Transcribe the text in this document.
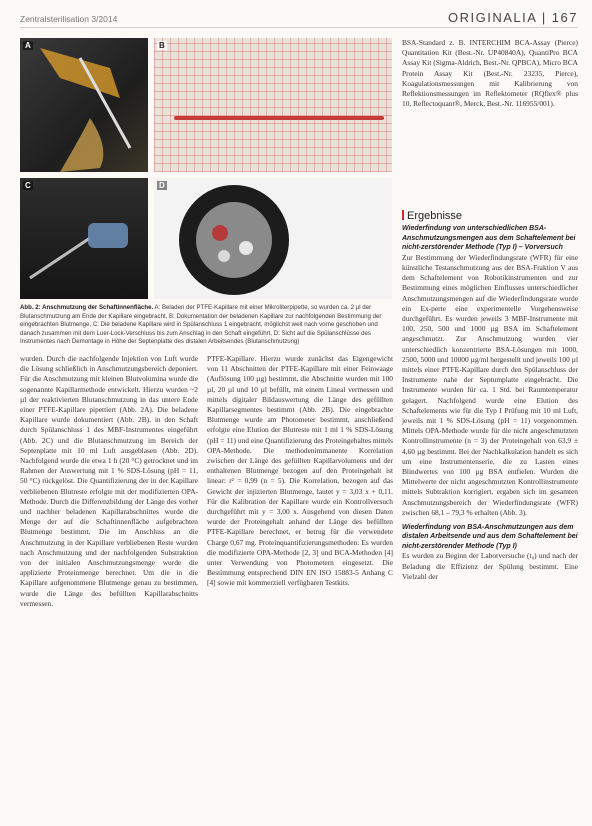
Zentralsterilisation 3/2014	ORIGINALIA | 167
A	B
C	D
Abb. 2: Anschmutzung der Schaftinnenfläche. A: Beladen der PTFE-Kapillare mit einer Mikroliterpipette, so wurden ca. 2 µl der Blutanschmutzung am Ende der Kapillare eingebracht, B: Dokumentation der beladenen Kapillare zur nachfolgenden Bestimmung der eingebrachten Blutmenge, C: Die beladene Kapillare wird in Spülanschluss 1 eingebracht, möglichst weit nach vorne geschoben und danach zusammen mit dem Luer-Lock-Verschluss bis zum Anschlag in den Schaft eingeführt, D: Sicht auf die Spülanschlüsse des Instrumentes nach Demontage in Höhe der Septenplatte des distalen Arbeitsendes (Blutanschmutzung)

wurden. Durch die nachfolgende Injektion von Luft wurde die Lösung schließlich in Anschmutzungsbereich deponiert. Für die Anschmutzung mit kleinen Blutvolumina wurde die sogenannte Kapillarmethode entwickelt. Hierzu wurden ~2 µl der reaktivierten Blutanschmutzung in das untere Ende einer PTFE-Kapillare pipettiert (Abb. 2A). Die beladene Kapillare wurde dokumentiert (Abb. 2B), in den Schaft durch Spülanschluss 1 des MBF-Instrumentes eingeführt (Abb. 2C) und die Blutanschmutzung im Bereich der Septenplatte mit 10 ml Luft ausgeblasen (Abb. 2D). Nachfolgend wurde die etwa 1 h (20 °C) getrocknet und im Rahmen der Auswertung mit 1 % SDS-Lösung (pH = 11, 50 °C) rückgelöst. Die Quantifizierung der in der Kapillare verbliebenen Blutreste erfolgte mit der modifizierten OPA-Methode. Durch die Differenzbildung der Länge des vorher und nachher beladenen Kapillarabschnittes wurde die Menge der auf die Schaftinnenfläche aufgebrachten Blutmenge bestimmt. Die im Anschluss an die Anschmutzung in der Kapillare verbliebenen Reste wurden nach Anschmutzung und der nachfolgenden Substraktion von der initialen Anschmutzungsmenge wurde die applizierte Proteinmenge berechnet. Um die in die Kapillare aufgenommene Blutmenge genau zu bestimmen, wurde die Länge des befüllten Kapillarabschnitts vermessen.

PTFE-Kapillare. Hierzu wurde zunächst das Eigengewicht von 11 Abschnitten der PTFE-Kapillare mit einer Feinwaage (Auflösung 100 µg) bestimmt, die Abschnitte wurden mit 100 µl, 20 µl und 10 µl befüllt, mit einem Lineal vermessen und mittels digitaler Bildauswertung die Länge des gefüllten Kapillarsegmentes bestimmt (Abb. 2B). Die eingebrachte Blutmenge wurde am Photometer bestimmt, anschließend erfolgte eine Elution der Blutreste mit 1 ml 1 % SDS-Lösung (pH = 11) und eine Quantifizierung des Proteingehaltes mittels OPA-Methode. Die methodenimmanente Korrelation zwischen der Länge des gefüllten Kapillarvolumens und der enthaltenen Blutmenge bezogen auf den Proteingehalt ist linear: r² = 0,99 (n = 5). Die Korrelation, bezogen auf das Gewicht der injizierten Blutmenge, lautet y = 3,03 x + 0,11. Für die Kalibration der Kapillare wurde ein Kontrollversuch durchgeführt mit y = 3,00 x. Ausgehend von diesen Daten wurde der Proteingehalt anhand der Länge des befüllten PTFE-Kapillare berechnet, er betrug für die verwendete Charge 0,67 mg. Proteinquantifizierungsmethoden: Es wurden die modifizierte OPA-Methode [2, 3] und BCA-Methoden [4] unter Verwendung von Photometern eingesetzt. Die Bestimmung entsprechend DIN EN ISO 15883-5 Anhang C [4] sowie mit kommerziell verfügbaren Testkits.

BSA-Standard z. B. INTERCHIM BCA-Assay (Pierce) Quantitation Kit (Best.-Nr. UP40840A), QuantiPro BCA Assay Kit (Sigma-Aldrich, Best.-Nr. QPBCA), Micro BCA Protein Assay Kit (Best.-Nr. 23235, Pierce), Koagulationsmessungen mit Kalibrierung von Reflektionsmessungen im Reflektometer (RQflex® plus 10, Reflectoquant®, Merck, Best.-Nr. 116955/001).

Ergebnisse

Wiederfindung von unterschiedlichen BSA-Anschmutzungsmengen aus dem Schaftelement bei nicht-zerstörender Methode (Typ I) – Vorversuch

Zur Bestimmung der Wiederfindungsrate (WFR) für eine künstliche Testanschmutzung aus der BSA-Fraktion V aus dem Schaftelement von Robotikinstrumenten und zur Bestimmung eines möglichen Einflusses unterschiedlicher Anschmutzungsmengen auf die Wiederfindungsrate wurde ein Ex-perte eine experimentelle Vorgehensweise durchgeführt. Es wurden jeweils 3 MBF-Instrumente mit 100, 250, 500 und 1000 µg BSA im Schaftelement angeschmutzt. Zur Anschmutzung wurden vier unterschiedlich konzentrierte BSA-Lösungen mit 1000, 2500, 5000 und 10000 µg/ml hergestellt und jeweils 100 µl mittels einer PTFE-Kapillare durch den Spülanschluss der Instrumente nahe der Septumplatte eingebracht. Die Instrumente wurden für ca. 1 Std. bei Raumtemperatur gelagert. Nachfolgend wurde eine Elution des Schaftelements wie für die Typ I Prüfung mit 10 ml Luft, jeweils mit 1 % SDS-Lösung (pH = 11) vorgenommen. Mittels OPA-Methode wurde für die nicht angeschmutzten Kontrollinstrumente (n = 3) der Proteingehalt von 63,9 ± 4,60 µg bestimmt. Bei der Nachkalkulation handelt es sich um eine Instrumentenserie, die zu Lasten eines Blindwertes von 100 µg BSA entfielen. Wurden die Mittelwerte der nicht angeschmutzten Kontrollinstrumente mittels Subtraktion korrigiert, ergaben sich im gesamten Anschmutzungsbereich der Wiederfindungsrate (WFR) zwischen 68,1 – 79,3 % erhalten (Abb. 3).

Wiederfindung von BSA-Anschmutzungen aus dem distalen Arbeitsende und aus dem Schaftelement bei nicht-zerstörender Methode (Typ I)

Es wurden zu Beginn der Laborversuche (t₀) und nach der Beladung die Effizienz der Spülung bestimmt. Eine Vielzahl der
